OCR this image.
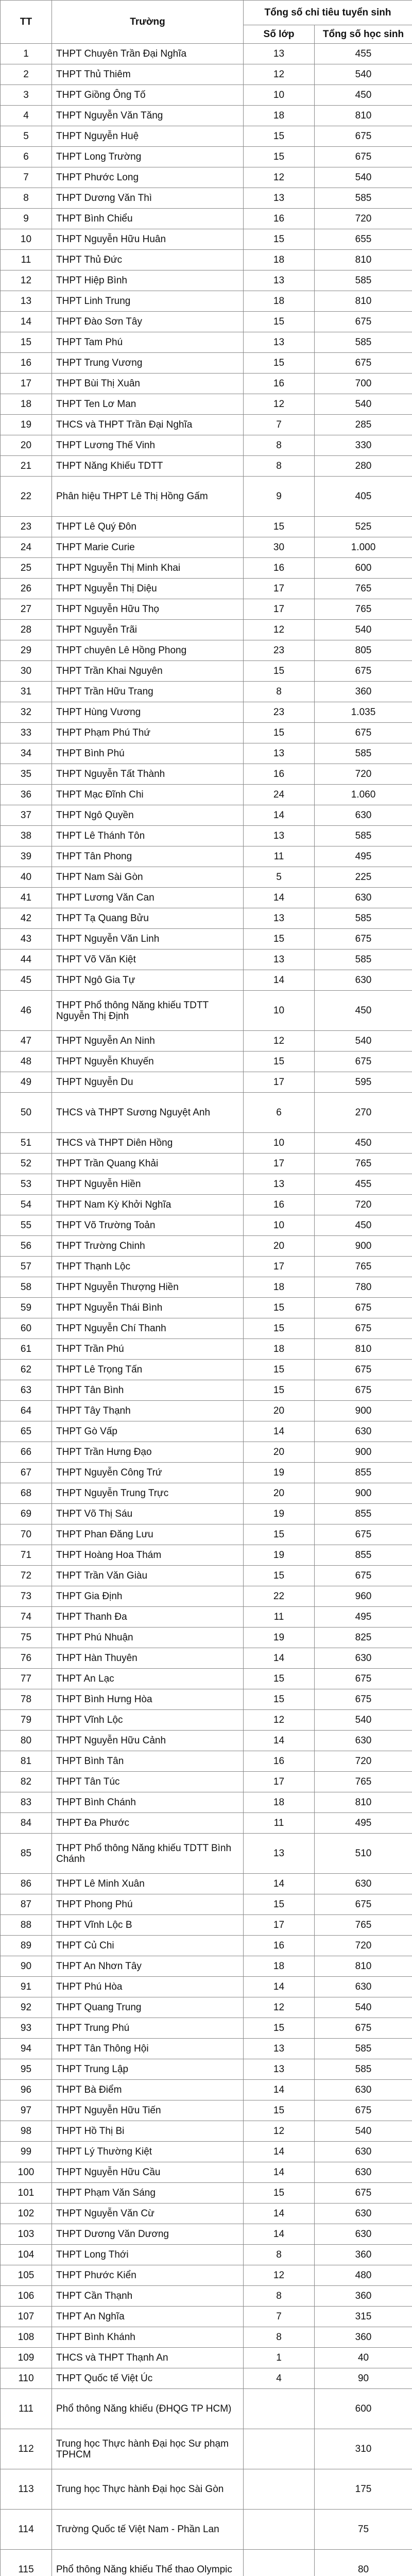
TT	Trường	Tổng số chỉ tiêu tuyển sinh	
		Số lớp	Tổng số học sinh
1	THPT Chuyên Trần Đại Nghĩa	13	455
2	THPT Thủ Thiêm	12	540
3	THPT Giồng Ông Tố	10	450
4	THPT Nguyễn Văn Tăng	18	810
5	THPT Nguyễn Huệ	15	675
6	THPT Long Trường	15	675
7	THPT Phước Long	12	540
8	THPT Dương Văn Thì	13	585
9	THPT Bình Chiểu	16	720
10	THPT Nguyễn Hữu Huân	15	655
11	THPT Thủ Đức	18	810
12	THPT Hiệp Bình	13	585
13	THPT Linh Trung	18	810
14	THPT Đào Sơn Tây	15	675
15	THPT Tam Phú	13	585
16	THPT Trung Vương	15	675
17	THPT Bùi Thị Xuân	16	700
18	THPT Ten Lơ Man	12	540
19	THCS và THPT Trần Đại Nghĩa	7	285
20	THPT Lương Thế Vinh	8	330
21	THPT Năng Khiếu TDTT	8	280
22	Phân hiệu THPT Lê Thị Hồng Gấm	9	405
23	THPT Lê Quý Đôn	15	525
24	THPT Marie Curie	30	1.000
25	THPT Nguyễn Thị Minh Khai	16	600
26	THPT Nguyễn Thị Diệu	17	765
27	THPT Nguyễn Hữu Thọ	17	765
28	THPT Nguyễn Trãi	12	540
29	THPT chuyên Lê Hồng Phong	23	805
30	THPT Trần Khai Nguyên	15	675
31	THPT Trần Hữu Trang	8	360
32	THPT Hùng Vương	23	1.035
33	THPT Phạm Phú Thứ	15	675
34	THPT Bình Phú	13	585
35	THPT Nguyễn Tất Thành	16	720
36	THPT Mạc Đĩnh Chi	24	1.060
37	THPT Ngô Quyền	14	630
38	THPT Lê Thánh Tôn	13	585
39	THPT Tân Phong	11	495
40	THPT Nam Sài Gòn	5	225
41	THPT Lương Văn Can	14	630
42	THPT Tạ Quang Bửu	13	585
43	THPT Nguyễn Văn Linh	15	675
44	THPT Võ Văn Kiệt	13	585
45	THPT Ngô Gia Tự	14	630
46	THPT Phổ thông Năng khiếu TDTT Nguyễn Thị Định	10	450
47	THPT Nguyễn An Ninh	12	540
48	THPT Nguyễn Khuyến	15	675
49	THPT Nguyễn Du	17	595
50	THCS và THPT Sương Nguyệt Anh	6	270
51	THCS và THPT Diên Hồng	10	450
52	THPT Trần Quang Khải	17	765
53	THPT Nguyễn Hiền	13	455
54	THPT Nam Kỳ Khởi Nghĩa	16	720
55	THPT Võ Trường Toản	10	450
56	THPT Trường Chinh	20	900
57	THPT Thạnh Lộc	17	765
58	THPT Nguyễn Thượng Hiền	18	780
59	THPT Nguyễn Thái Bình	15	675
60	THPT Nguyễn Chí Thanh	15	675
61	THPT Trần Phú	18	810
62	THPT Lê Trọng Tấn	15	675
63	THPT Tân Bình	15	675
64	THPT Tây Thạnh	20	900
65	THPT Gò Vấp	14	630
66	THPT Trần Hưng Đạo	20	900
67	THPT Nguyễn Công Trứ	19	855
68	THPT Nguyễn Trung Trực	20	900
69	THPT Võ Thị Sáu	19	855
70	THPT Phan Đăng Lưu	15	675
71	THPT Hoàng Hoa Thám	19	855
72	THPT Trần Văn Giàu	15	675
73	THPT Gia Định	22	960
74	THPT Thanh Đa	11	495
75	THPT Phú Nhuận	19	825
76	THPT Hàn Thuyên	14	630
77	THPT An Lạc	15	675
78	THPT Bình Hưng Hòa	15	675
79	THPT Vĩnh Lộc	12	540
80	THPT Nguyễn Hữu Cảnh	14	630
81	THPT Bình Tân	16	720
82	THPT Tân Túc	17	765
83	THPT Bình Chánh	18	810
84	THPT Đa Phước	11	495
85	THPT Phổ thông Năng khiếu TDTT Bình Chánh	13	510
86	THPT Lê Minh Xuân	14	630
87	THPT Phong Phú	15	675
88	THPT Vĩnh Lộc B	17	765
89	THPT Củ Chi	16	720
90	THPT An Nhơn Tây	18	810
91	THPT Phú Hòa	14	630
92	THPT Quang Trung	12	540
93	THPT Trung Phú	15	675
94	THPT Tân Thông Hội	13	585
95	THPT Trung Lập	13	585
96	THPT Bà Điểm	14	630
97	THPT Nguyễn Hữu Tiến	15	675
98	THPT Hồ Thị Bi	12	540
99	THPT Lý Thường Kiệt	14	630
100	THPT Nguyễn Hữu Cầu	14	630
101	THPT Phạm Văn Sáng	15	675
102	THPT Nguyễn Văn Cừ	14	630
103	THPT Dương Văn Dương	14	630
104	THPT Long Thới	8	360
105	THPT Phước Kiển	12	480
106	THPT Cần Thạnh	8	360
107	THPT An Nghĩa	7	315
108	THPT Bình Khánh	8	360
109	THCS và THPT Thạnh An	1	40
110	THPT Quốc tế Việt Úc	4	90
111	Phổ thông Năng khiếu (ĐHQG TP HCM)		600
112	Trung học Thực hành Đại học Sư phạm TPHCM		310
113	Trung học Thực hành Đại học Sài Gòn		175
114	Trường Quốc tế Việt Nam - Phần Lan		75
115	Phổ thông Năng khiếu Thể thao Olympic		80
